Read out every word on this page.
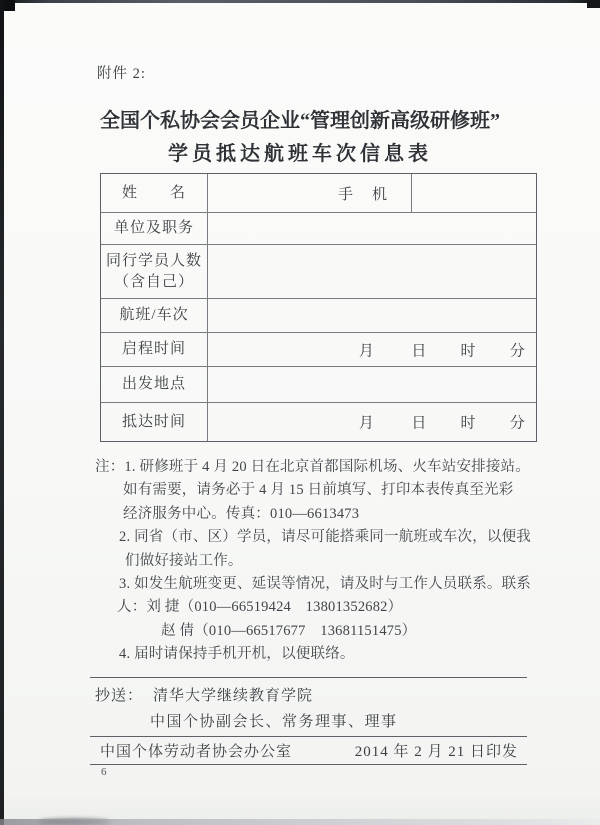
附件 2:
全国个私协会会员企业“管理创新高级研修班”
学员抵达航班车次信息表
姓　　名	手　机
单位及职务
同行学员人数
（含自己）
航班/车次
启程时间	月 日 时 分
出发地点
抵达时间	月 日 时 分
注：1. 研修班于 4 月 20 日在北京首都国际机场、火车站安排接站。
如有需要，请务必于 4 月 15 日前填写、打印本表传真至光彩
经济服务中心。传真：010—6613473
2. 同省（市、区）学员，请尽可能搭乘同一航班或车次，以便我
们做好接站工作。
3. 如发生航班变更、延误等情况，请及时与工作人员联系。联系
人：刘 捷（010—66519424　13801352682）
赵 倩（010—66517677　13681151475）
4. 届时请保持手机开机，以便联络。
抄送： 清华大学继续教育学院
中国个协副会长、常务理事、理事
中国个体劳动者协会办公室	2014 年 2 月 21 日印发
6
